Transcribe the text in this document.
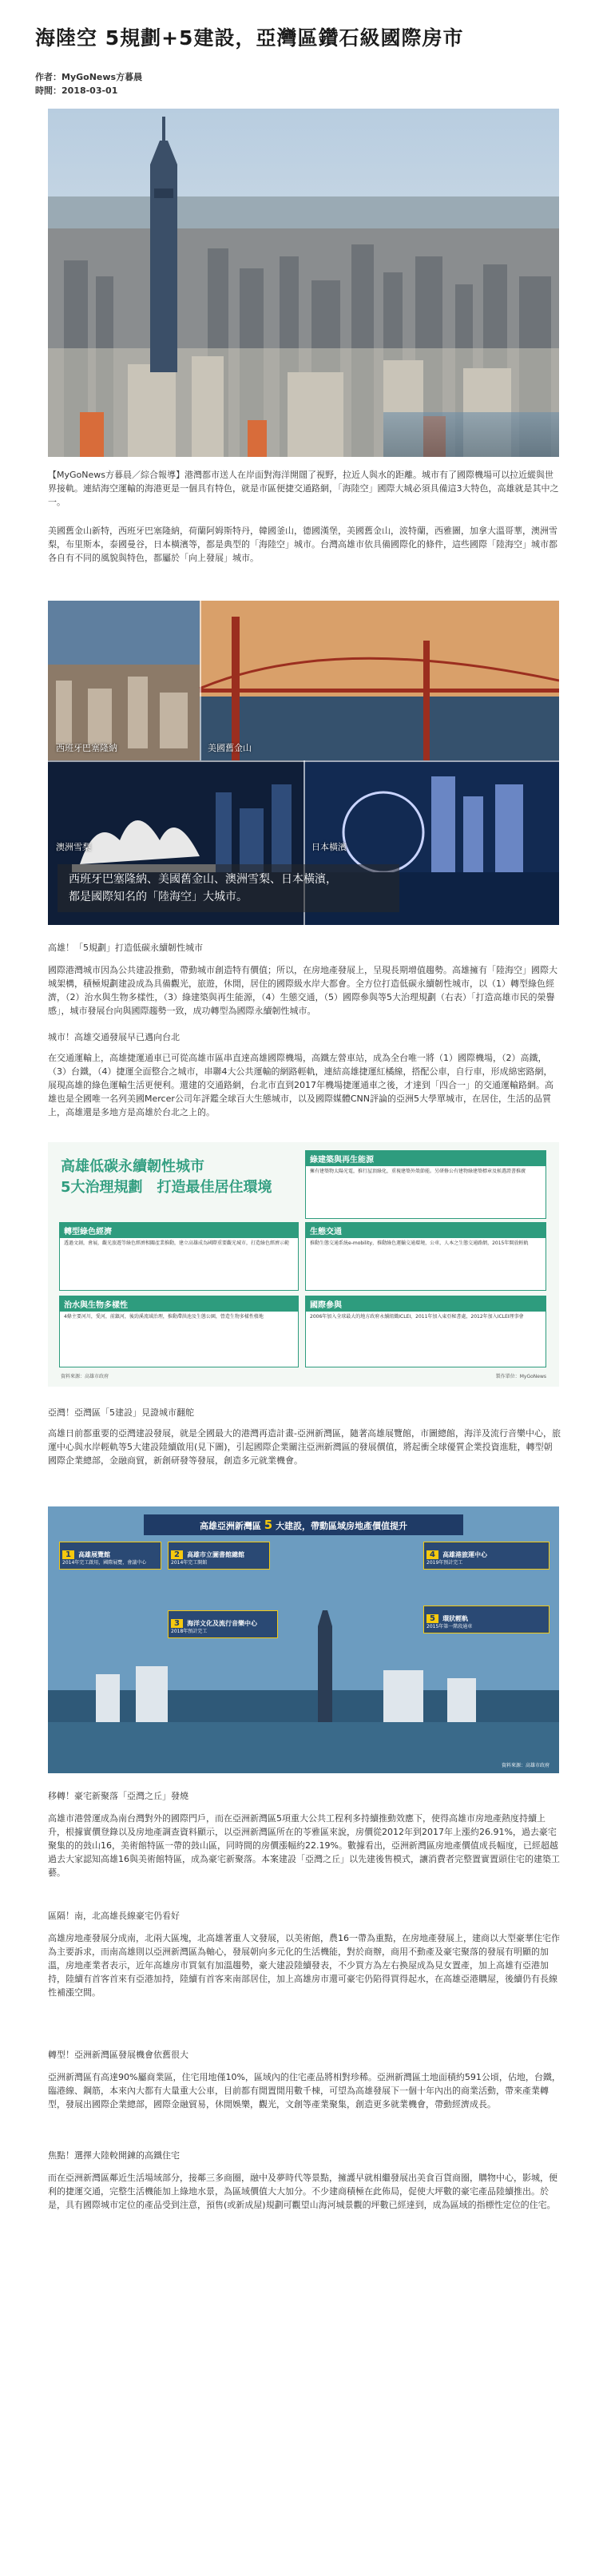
海陸空 5規劃+5建設，亞灣區鑽石級國際房市
作者：MyGoNews方暮晨
時間：2018-03-01

【MyGoNews方暮晨／綜合報導】港灣都市送人在岸面對海洋開闊了視野，拉近人與水的距離。城市有了國際機場可以拉近縱與世界接軌。連結海空運輸的海港更是一個具有特色，就是市區便捷交通路網，「海陸空」國際大城必須具備這3大特色，高雄就是其中之一。

美國舊金山新特，西班牙巴塞隆納，荷蘭阿姆斯特丹，韓國釜山，德國漢堡，美國舊金山，波特蘭，西雅圖，加拿大溫哥華，澳洲雪梨，布里斯本，泰國曼谷，日本橫濱等，都是典型的「海陸空」城市。台灣高雄市依具備國際化的條件，這些國際「陸海空」城市都各自有不同的風貌與特色，都屬於「向上發展」城市。

西班牙巴塞隆納	美國舊金山
澳洲雪梨	日本橫濱
西班牙巴塞隆納、美國舊金山、澳洲雪梨、日本橫濱，
都是國際知名的「陸海空」大城市。

高雄！「5規劃」打造低碳永續韌性城市

國際港灣城市因為公共建設推動，帶動城市創造特有價值；所以，在房地產發展上，呈現長期增值趨勢。高雄擁有「陸海空」國際大城架構，積極規劃建設成為具備觀光，旅遊，休閒，居住的國際級水岸大都會。全方位打造低碳永續韌性城市，以（1）轉型綠色經濟，（2）治水與生物多樣性，（3）綠建築與再生能源，（4）生態交通，（5）國際參與等5大治理規劃（右表）「打造高雄市民的榮譽感」，城市發展台向與國際趨勢一致，成功轉型為國際永續韌性城市。

城市！高雄交通發展早已邁向台北

在交通運輸上，高雄捷運通車已可從高雄市區串直達高雄國際機場，高鐵左營車站，成為全台唯一將（1）國際機場，（2）高鐵，（3）台鐵，（4）捷運全面整合之城市，串聯4大公共運輸的網路輕軌，連結高雄捷運紅橘線，搭配公車，自行車，形成綿密路網，展現高雄的綠色運輸生活更便利。還建的交通路網，台北市直到2017年機場捷運通車之後，才達到「四合一」的交通運輸路網。高雄也是全國唯一名列美國Mercer公司年評鑑全球百大生態城市，以及國際媒體CNN評論的亞洲5大學單城市，在居住，生活的品質上，高雄還是多地方是高雄於台北之上的。

高雄低碳永續韌性城市
5大治理規劃　打造最佳居住環境
綠建築與再生能源
擁有建築物太陽光電，推行屋頂綠化，重視建築外殼節能。另研修公有建物綠建築標章及候選證書推廣
轉型綠色經濟
透過文創，會展，觀光旅遊等綠色經濟相關產業推動，建立高雄成為國際重要觀光城市，打造綠色經濟示範
生態交通
推動生態交通系統e-mobility，推動綠色運輸交通環境，公車，人本之生態交通路網，2015年開放輕軌
治水與生物多樣性
4條主要河川，愛河，前鎮河，後勁溪流域治理，推動滯洪池及生態公園，營造生物多樣性棲地
國際參與
2006年加入全球最大的地方政府永續組織ICLEI，2011年加入東亞秘書處，2012年加入ICLEI理事會
資料來源：高雄市政府	製作單位：MyGoNews

亞灣！亞灣區「5建設」見證城市翻舵

高雄日前都重要的亞灣建設發展，就是全國最大的港灣再造計畫-亞洲新灣區，隨著高雄展覽館，市圖總館，海洋及流行音樂中心，旅運中心與水岸輕軌等5大建設陸續啟用(見下圖)，引起國際企業關注亞洲新灣區的發展價值，將起衝全球優質企業投資進駐，轉型朝國際企業總部，金融商貿，新創研發等發展，創造多元就業機會。

高雄亞洲新灣區 5 大建設，帶動區域房地產價值提升
1 高雄展覽館
2014年完工啟用，國際展覽，會議中心
2 高雄市立圖書館總館
2014年完工開館
3 海洋文化及流行音樂中心
2018年預計完工
4 高雄港旅運中心
2019年預計完工
5 環狀輕軌
2015年第一階段通車
資料來源：高雄市政府

移轉！豪宅新聚落「亞灣之丘」發燒

高雄市港營運成為南台灣對外的國際門戶，而在亞洲新灣區5項重大公共工程利多持續推動效應下，使得高雄市房地產熱度持續上升，根據實價登錄以及房地產調查資料顯示，以亞洲新灣區所在的苓雅區來說，房價從2012年到2017年上漲約26.91%，過去豪宅聚集的的鼓山16，美術館特區一帶的鼓山區，同時間的房價漲幅約22.19%。數據看出，亞洲新灣區房地產價值成長幅度，已經超越過去大家認知高雄16與美術館特區，成為豪宅新聚落。本案建設「亞灣之丘」以先建後售模式，讓消費者完整置實置頭住宅的建築工藝。

區隔！南，北高雄長線豪宅仍看好

高雄房地產發展分成南，北兩大區塊，北高雄著重人文發展，以美術館，農16一帶為重點，在房地產發展上，建商以大型豪華住宅作為主要訴求，而南高雄則以亞洲新灣區為軸心，發展朝向多元化的生活機能，對於商辦，商用不動產及豪宅聚落的發展有明顯的加溫，房地產業者表示，近年高雄房市買氣有加溫趨勢，豪大建設陸續發表，不少買方為左右換屋成為見女置產，加上高雄有亞港加持，陸續有首客首來有亞港加持，陸續有首客來南部居住，加上高雄房市還可豪宅仍陷得買得起水，在高雄亞港購屋，後續仍有長線性補漲空間。

轉型！亞洲新灣區發展機會依舊很大

亞洲新灣區有高達90%屬商業區，住宅用地僅10%，區域內的住宅產品將相對珍稀。亞洲新灣區土地面積約591公頃，佔地，台鐵，臨港線、鋼筋，本來內大都有大量重大公車，目前都有閒置閒用數千棟，可望為高雄發展下一個十年內出的商業活動，帶來產業轉型，發展出國際企業總部，國際金融貿易，休閒娛樂，觀光，文創等產業聚集，創造更多就業機會，帶動經濟成長。

焦點！選擇大陸較開鍊的高鐵住宅

而在亞洲新灣區鄰近生活場域部分，接鄰三多商圈，融中及夢時代等景點，擁護早就相繼發展出美食百貨商圈，購物中心，影城，便利的捷運交通，完整生活機能加上綠地水景，為區域價值大大加分。不少建商積極在此佈局，促使大坪數的豪宅產品陸續推出。於是，具有國際城市定位的產品受到注意，預售(或新成屋)規劃可觀望山海河城景觀的坪數已經達到，成為區域的指標性定位的住宅。
